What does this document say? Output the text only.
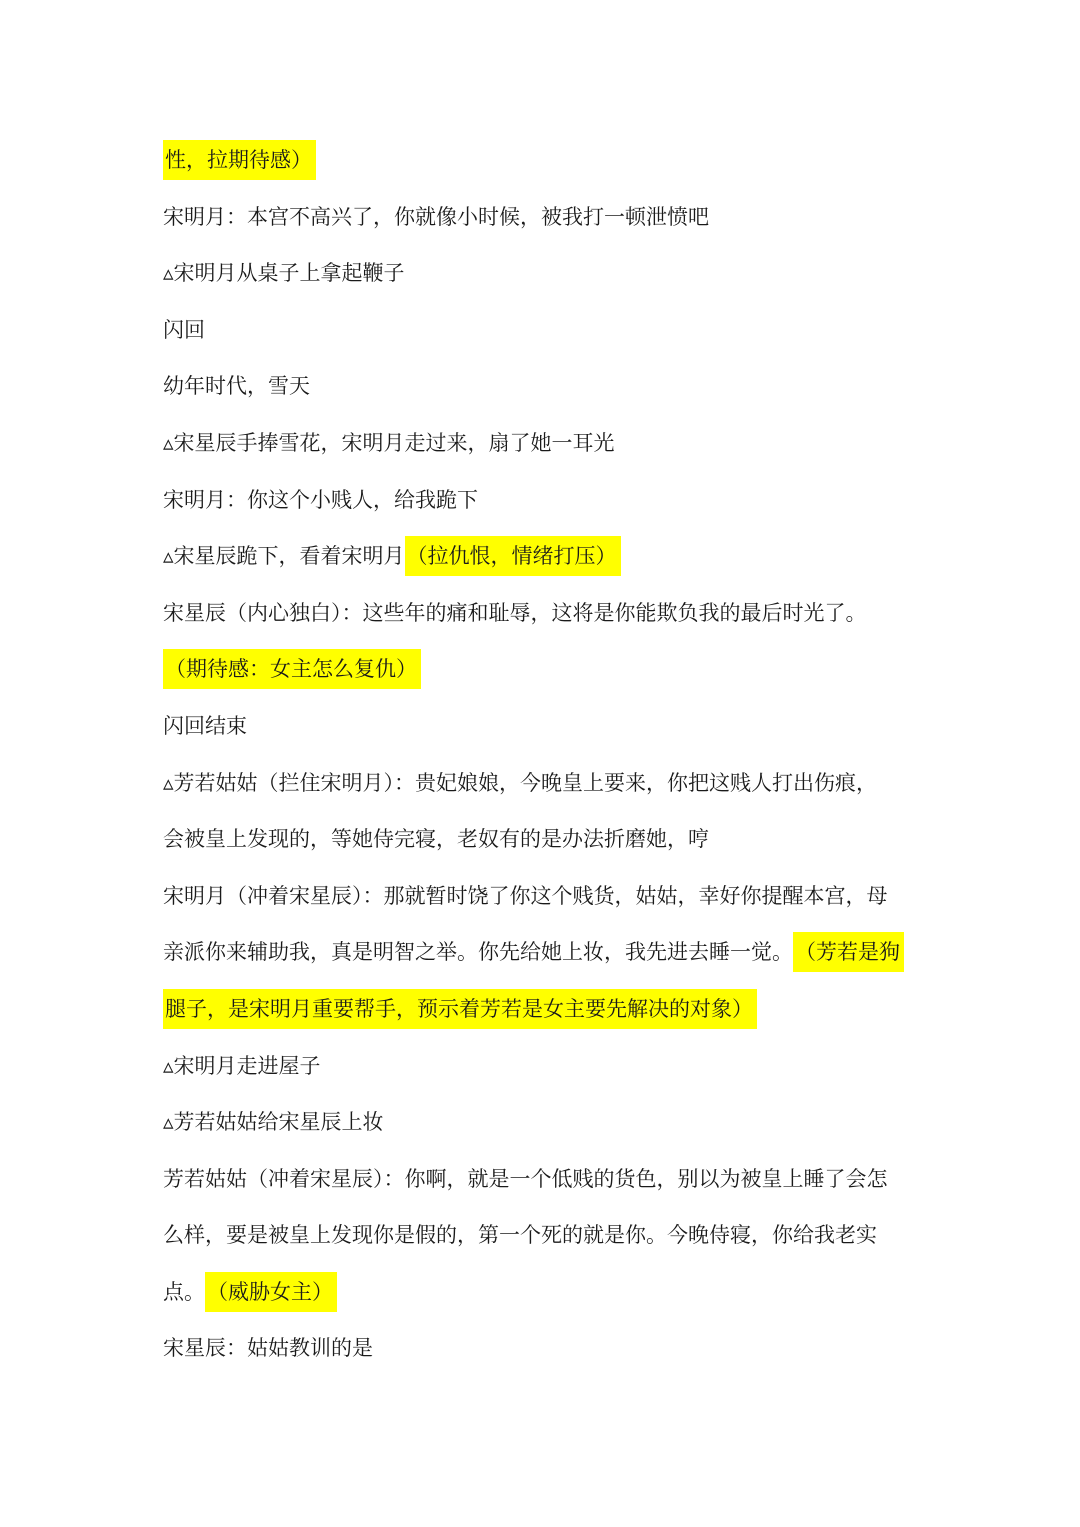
性，拉期待感）
宋明月：本宫不高兴了，你就像小时候，被我打一顿泄愤吧
▵宋明月从桌子上拿起鞭子
闪回
幼年时代，雪天
▵宋星辰手捧雪花，宋明月走过来，扇了她一耳光
宋明月：你这个小贱人，给我跪下
▵宋星辰跪下，看着宋明月（拉仇恨，情绪打压）
宋星辰（内心独白）：这些年的痛和耻辱，这将是你能欺负我的最后时光了。
（期待感：女主怎么复仇）
闪回结束
▵芳若姑姑（拦住宋明月）：贵妃娘娘，今晚皇上要来，你把这贱人打出伤痕，
会被皇上发现的，等她侍完寝，老奴有的是办法折磨她，哼
宋明月（冲着宋星辰）：那就暂时饶了你这个贱货，姑姑，幸好你提醒本宫，母
亲派你来辅助我，真是明智之举。你先给她上妆，我先进去睡一觉。（芳若是狗
腿子，是宋明月重要帮手，预示着芳若是女主要先解决的对象）
▵宋明月走进屋子
▵芳若姑姑给宋星辰上妆
芳若姑姑（冲着宋星辰）：你啊，就是一个低贱的货色，别以为被皇上睡了会怎
么样，要是被皇上发现你是假的，第一个死的就是你。今晚侍寝，你给我老实
点。（威胁女主）
宋星辰：姑姑教训的是
